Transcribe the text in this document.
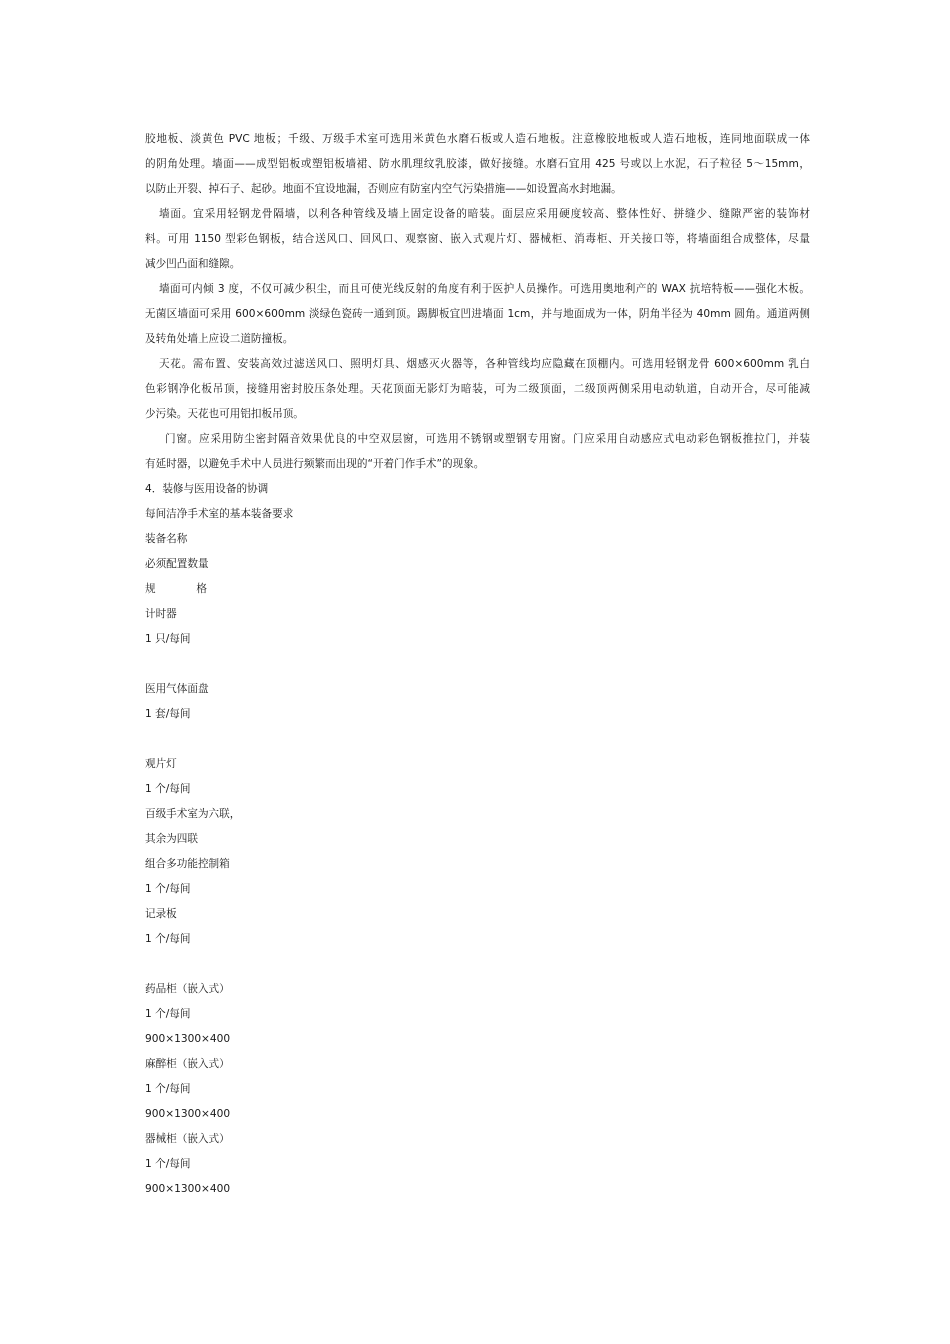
胶地板、淡黄色 PVC 地板；千级、万级手术室可选用米黄色水磨石板或人造石地板。注意橡胶地板或人造石地板，连同地面联成一体
的阴角处理。墙面——成型铝板或塑铝板墙裙、防水肌理纹乳胶漆，做好接缝。水磨石宜用 425 号或以上水泥，石子粒径 5～15mm，
以防止开裂、掉石子、起砂。地面不宜设地漏，否则应有防室内空气污染措施——如设置高水封地漏。
墙面。宜采用轻钢龙骨隔墙，以利各种管线及墙上固定设备的暗装。面层应采用硬度较高、整体性好、拼缝少、缝隙严密的装饰材
料。可用 1150 型彩色钢板，结合送风口、回风口、观察窗、嵌入式观片灯、器械柜、消毒柜、开关接口等，将墙面组合成整体，尽量
减少凹凸面和缝隙。
墙面可内倾 3 度，不仅可减少积尘，而且可使光线反射的角度有利于医护人员操作。可选用奥地利产的 WAX 抗培特板——强化木板。
无菌区墙面可采用 600×600mm 淡绿色瓷砖一通到顶。踢脚板宜凹进墙面 1cm，并与地面成为一体，阴角半径为 40mm 圆角。通道两侧
及转角处墙上应设二道防撞板。
天花。需布置、安装高效过滤送风口、照明灯具、烟感灭火器等，各种管线均应隐藏在顶棚内。可选用轻钢龙骨 600×600mm 乳白
色彩钢净化板吊顶，接缝用密封胶压条处理。天花顶面无影灯为暗装，可为二级顶面，二级顶两侧采用电动轨道，自动开合，尽可能减
少污染。天花也可用铝扣板吊顶。
门窗。应采用防尘密封隔音效果优良的中空双层窗，可选用不锈钢或塑钢专用窗。门应采用自动感应式电动彩色钢板推拉门，并装
有延时器，以避免手术中人员进行频繁而出现的“开着门作手术”的现象。
4．装修与医用设备的协调
每间洁净手术室的基本装备要求
装备名称
必须配置数量
规	格
计时器
1 只/每间
医用气体面盘
1 套/每间
观片灯
1 个/每间
百级手术室为六联，
其余为四联
组合多功能控制箱
1 个/每间
记录板
1 个/每间
药品柜（嵌入式）
1 个/每间
900×1300×400
麻醉柜（嵌入式）
1 个/每间
900×1300×400
器械柜（嵌入式）
1 个/每间
900×1300×400
